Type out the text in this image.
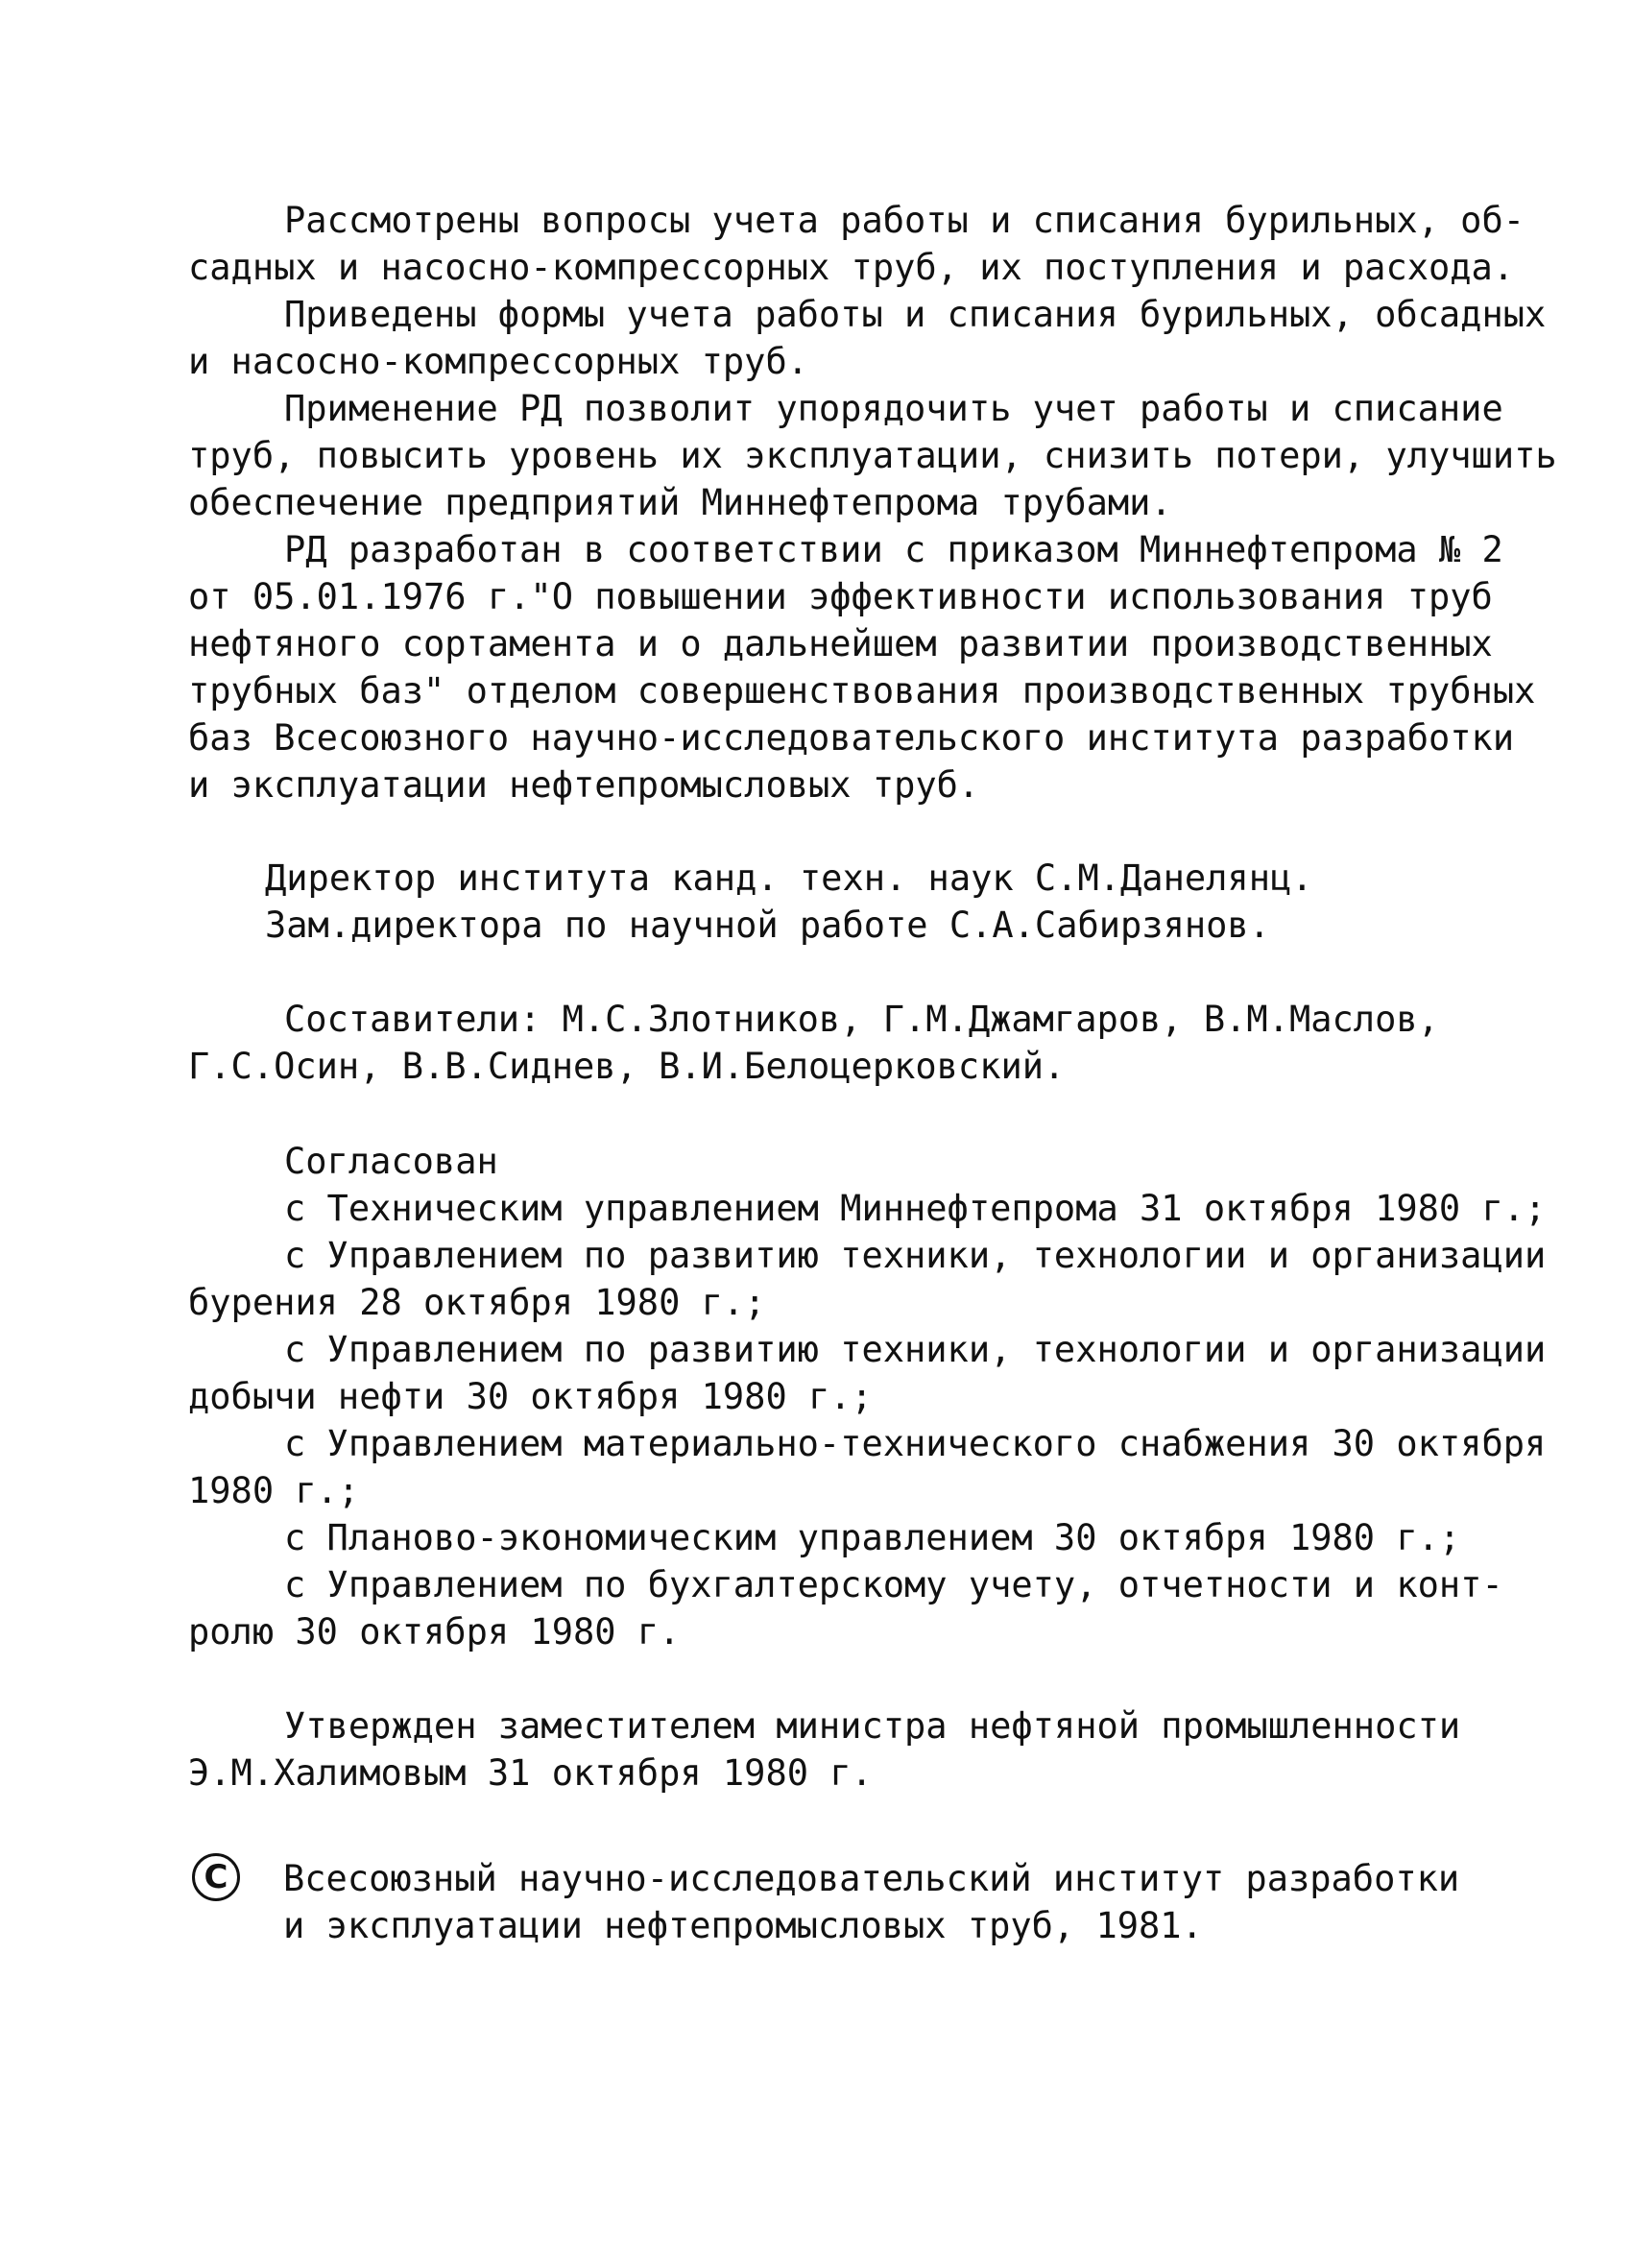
Рассмотрены вопросы учета работы и списания бурильных, об-
садных и насосно-компрессорных труб, их поступления и расхода.
Приведены формы учета работы и списания бурильных, обсадных
и насосно-компрессорных труб.
Применение РД позволит упорядочить учет работы и списание
труб, повысить уровень их эксплуатации, снизить потери, улучшить
обеспечение предприятий Миннефтепрома трубами.
РД разработан в соответствии с приказом Миннефтепрома № 2
от 05.01.1976 г."О повышении эффективности использования труб
нефтяного сортамента и о дальнейшем развитии производственных
трубных баз" отделом совершенствования производственных трубных
баз Всесоюзного научно-исследовательского института разработки
и эксплуатации нефтепромысловых труб.
Директор института канд. техн. наук С.М.Данелянц.
Зам.директора по научной работе С.А.Сабирзянов.
Составители: М.С.Злотников, Г.М.Джамгаров, В.М.Маслов,
Г.С.Осин, В.В.Сиднев, В.И.Белоцерковский.
Согласован
с Техническим управлением Миннефтепрома 31 октября 1980 г.;
с Управлением по развитию техники, технологии и организации
бурения 28 октября 1980 г.;
с Управлением по развитию техники, технологии и организации
добычи нефти 30 октября 1980 г.;
с Управлением материально-технического снабжения 30 октября
1980 г.;
с Планово-экономическим управлением 30 октября 1980 г.;
с Управлением по бухгалтерскому учету, отчетности и конт-
ролю 30 октября 1980 г.
Утвержден заместителем министра нефтяной промышленности
Э.М.Халимовым 31 октября 1980 г.
C	Всесоюзный научно-исследовательский институт разработки
и эксплуатации нефтепромысловых труб, 1981.
